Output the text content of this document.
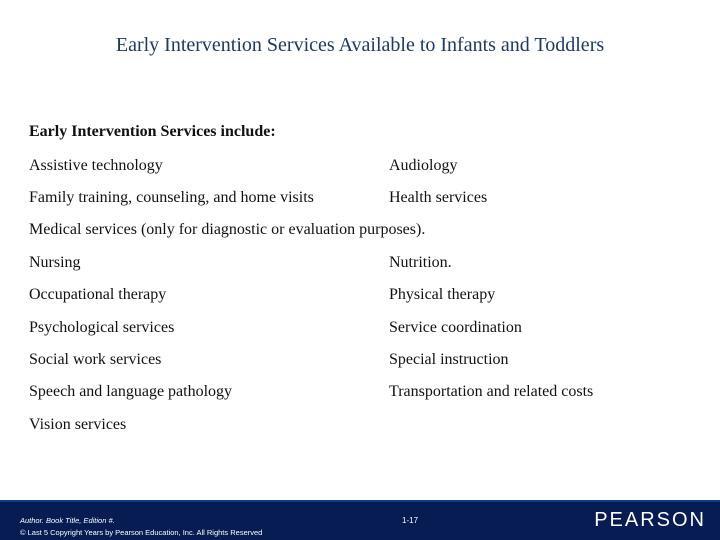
Early Intervention Services Available to Infants and Toddlers
Early Intervention Services include:
Assistive technology	Audiology
Family training, counseling, and home visits	Health services
Medical services (only for diagnostic or evaluation purposes).
Nursing	Nutrition.
Occupational therapy	Physical therapy
Psychological services	Service coordination
Social work services	Special instruction
Speech and language pathology	Transportation and related costs
Vision services
Author. Book Title, Edition #.
© Last 5 Copyright Years by Pearson Education, Inc. All Rights Reserved
1-17	PEARSON
